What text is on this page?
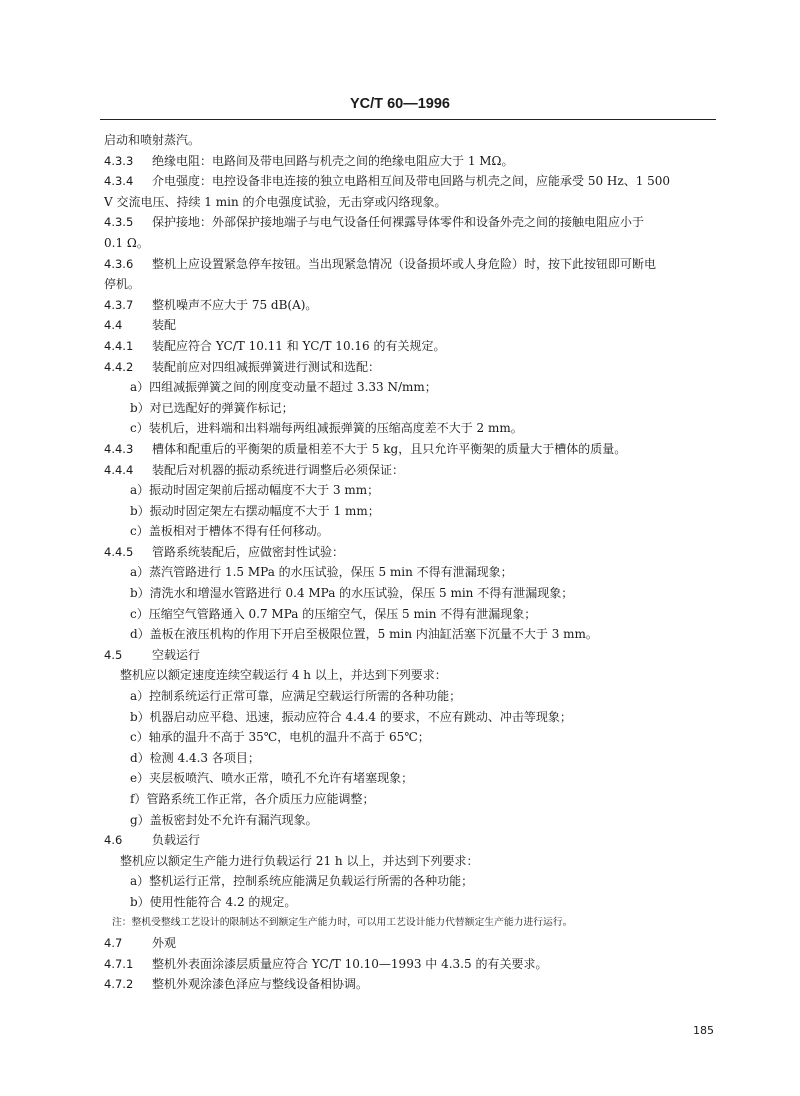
YC/T 60—1996
启动和喷射蒸汽。
4.3.3 绝缘电阻：电路间及带电回路与机壳之间的绝缘电阻应大于 1 MΩ。
4.3.4 介电强度：电控设备非电连接的独立电路相互间及带电回路与机壳之间，应能承受 50 Hz、1 500
V 交流电压、持续 1 min 的介电强度试验，无击穿或闪络现象。
4.3.5 保护接地：外部保护接地端子与电气设备任何裸露导体零件和设备外壳之间的接触电阻应小于
0.1 Ω。
4.3.6 整机上应设置紧急停车按钮。当出现紧急情况（设备损坏或人身危险）时，按下此按钮即可断电
停机。
4.3.7 整机噪声不应大于 75 dB(A)。
4.4 装配
4.4.1 装配应符合 YC/T 10.11 和 YC/T 10.16 的有关规定。
4.4.2 装配前应对四组减振弹簧进行测试和选配：
a）四组减振弹簧之间的刚度变动量不超过 3.33 N/mm；
b）对已选配好的弹簧作标记；
c）装机后，进料端和出料端每两组减振弹簧的压缩高度差不大于 2 mm。
4.4.3 槽体和配重后的平衡架的质量相差不大于 5 kg，且只允许平衡架的质量大于槽体的质量。
4.4.4 装配后对机器的振动系统进行调整后必须保证：
a）振动时固定架前后摇动幅度不大于 3 mm；
b）振动时固定架左右摆动幅度不大于 1 mm；
c）盖板相对于槽体不得有任何移动。
4.4.5 管路系统装配后，应做密封性试验：
a）蒸汽管路进行 1.5 MPa 的水压试验，保压 5 min 不得有泄漏现象；
b）清洗水和增湿水管路进行 0.4 MPa 的水压试验，保压 5 min 不得有泄漏现象；
c）压缩空气管路通入 0.7 MPa 的压缩空气，保压 5 min 不得有泄漏现象；
d）盖板在液压机构的作用下开启至极限位置，5 min 内油缸活塞下沉量不大于 3 mm。
4.5 空载运行
整机应以额定速度连续空载运行 4 h 以上，并达到下列要求：
a）控制系统运行正常可靠，应满足空载运行所需的各种功能；
b）机器启动应平稳、迅速，振动应符合 4.4.4 的要求，不应有跳动、冲击等现象；
c）轴承的温升不高于 35℃，电机的温升不高于 65℃；
d）检测 4.4.3 各项目；
e）夹层板喷汽、喷水正常，喷孔不允许有堵塞现象；
f）管路系统工作正常，各介质压力应能调整；
g）盖板密封处不允许有漏汽现象。
4.6 负载运行
整机应以额定生产能力进行负载运行 21 h 以上，并达到下列要求：
a）整机运行正常，控制系统应能满足负载运行所需的各种功能；
b）使用性能符合 4.2 的规定。
注：整机受整线工艺设计的限制达不到额定生产能力时，可以用工艺设计能力代替额定生产能力进行运行。
4.7 外观
4.7.1 整机外表面涂漆层质量应符合 YC/T 10.10—1993 中 4.3.5 的有关要求。
4.7.2 整机外观涂漆色泽应与整线设备相协调。
185
